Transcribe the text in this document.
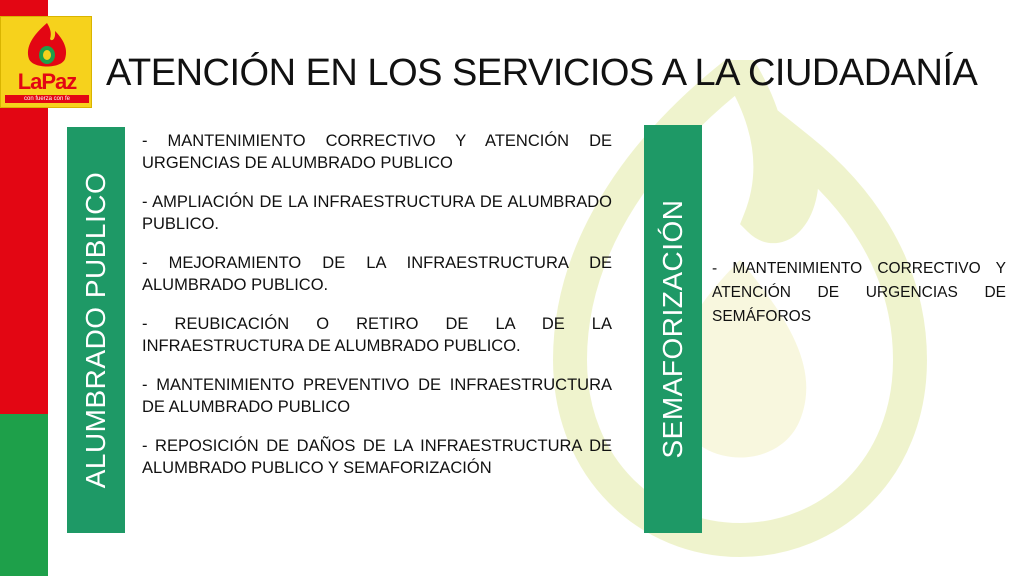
LaPaz
con fuerza con fe
ATENCIÓN EN LOS SERVICIOS A LA CIUDADANÍA
ALUMBRADO PUBLICO
- MANTENIMIENTO CORRECTIVO Y ATENCIÓN DE URGENCIAS DE ALUMBRADO PUBLICO
- AMPLIACIÓN DE LA INFRAESTRUCTURA DE ALUMBRADO PUBLICO.
- MEJORAMIENTO DE LA INFRAESTRUCTURA DE ALUMBRADO PUBLICO.
- REUBICACIÓN O RETIRO DE LA DE LA INFRAESTRUCTURA DE ALUMBRADO PUBLICO.
- MANTENIMIENTO PREVENTIVO DE INFRAESTRUCTURA DE ALUMBRADO PUBLICO
- REPOSICIÓN DE DAÑOS DE LA INFRAESTRUCTURA DE ALUMBRADO PUBLICO Y SEMAFORIZACIÓN
SEMAFORIZACIÓN - MANTENIMIENTO CORRECTIVO Y ATENCIÓN DE URGENCIAS DE SEMÁFOROS
